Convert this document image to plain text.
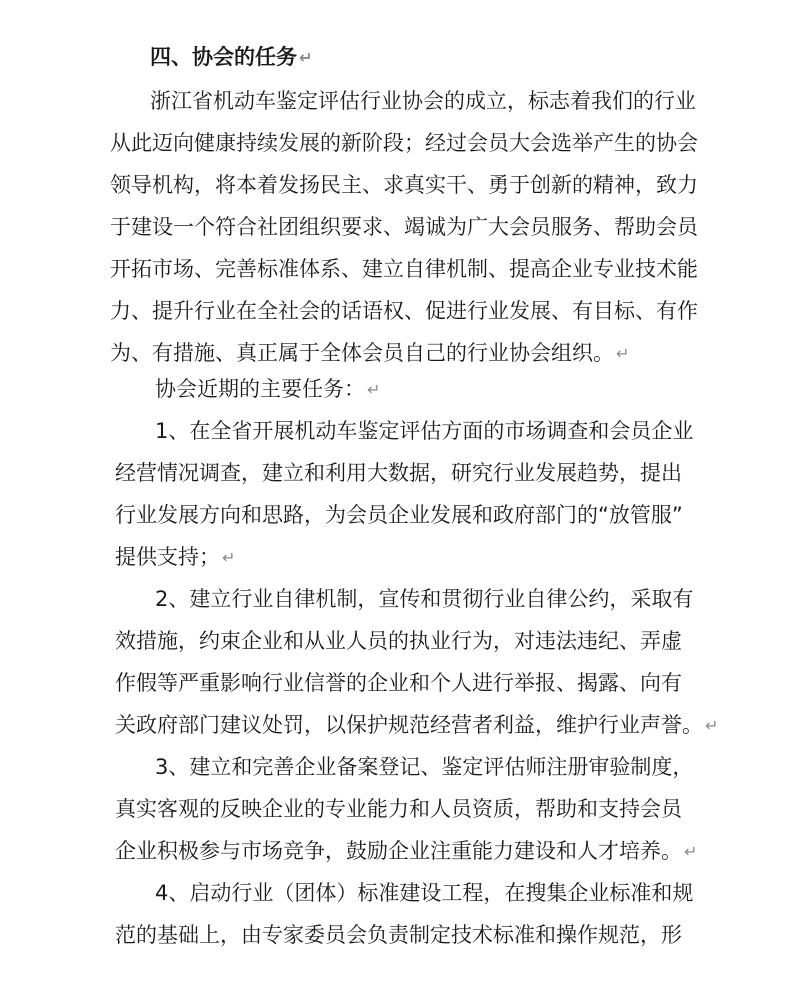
四、协会的任务 ↵
浙江省机动车鉴定评估行业协会的成立，标志着我们的行业
从此迈向健康持续发展的新阶段；经过会员大会选举产生的协会
领导机构，将本着发扬民主、求真实干、勇于创新的精神，致力
于建设一个符合社团组织要求、竭诚为广大会员服务、帮助会员
开拓市场、完善标准体系、建立自律机制、提高企业专业技术能
力、提升行业在全社会的话语权、促进行业发展、有目标、有作
为、有措施、真正属于全体会员自己的行业协会组织。 ↵
协会近期的主要任务： ↵
1、在全省开展机动车鉴定评估方面的市场调查和会员企业
经营情况调查，建立和利用大数据，研究行业发展趋势，提出
行业发展方向和思路，为会员企业发展和政府部门的“放管服”
提供支持； ↵
2、建立行业自律机制，宣传和贯彻行业自律公约，采取有
效措施，约束企业和从业人员的执业行为，对违法违纪、弄虚
作假等严重影响行业信誉的企业和个人进行举报、揭露、向有
关政府部门建议处罚，以保护规范经营者利益，维护行业声誉。 ↵
3、建立和完善企业备案登记、鉴定评估师注册审验制度，
真实客观的反映企业的专业能力和人员资质，帮助和支持会员
企业积极参与市场竞争，鼓励企业注重能力建设和人才培养。 ↵
4、启动行业（团体）标准建设工程，在搜集企业标准和规
范的基础上，由专家委员会负责制定技术标准和操作规范，形
